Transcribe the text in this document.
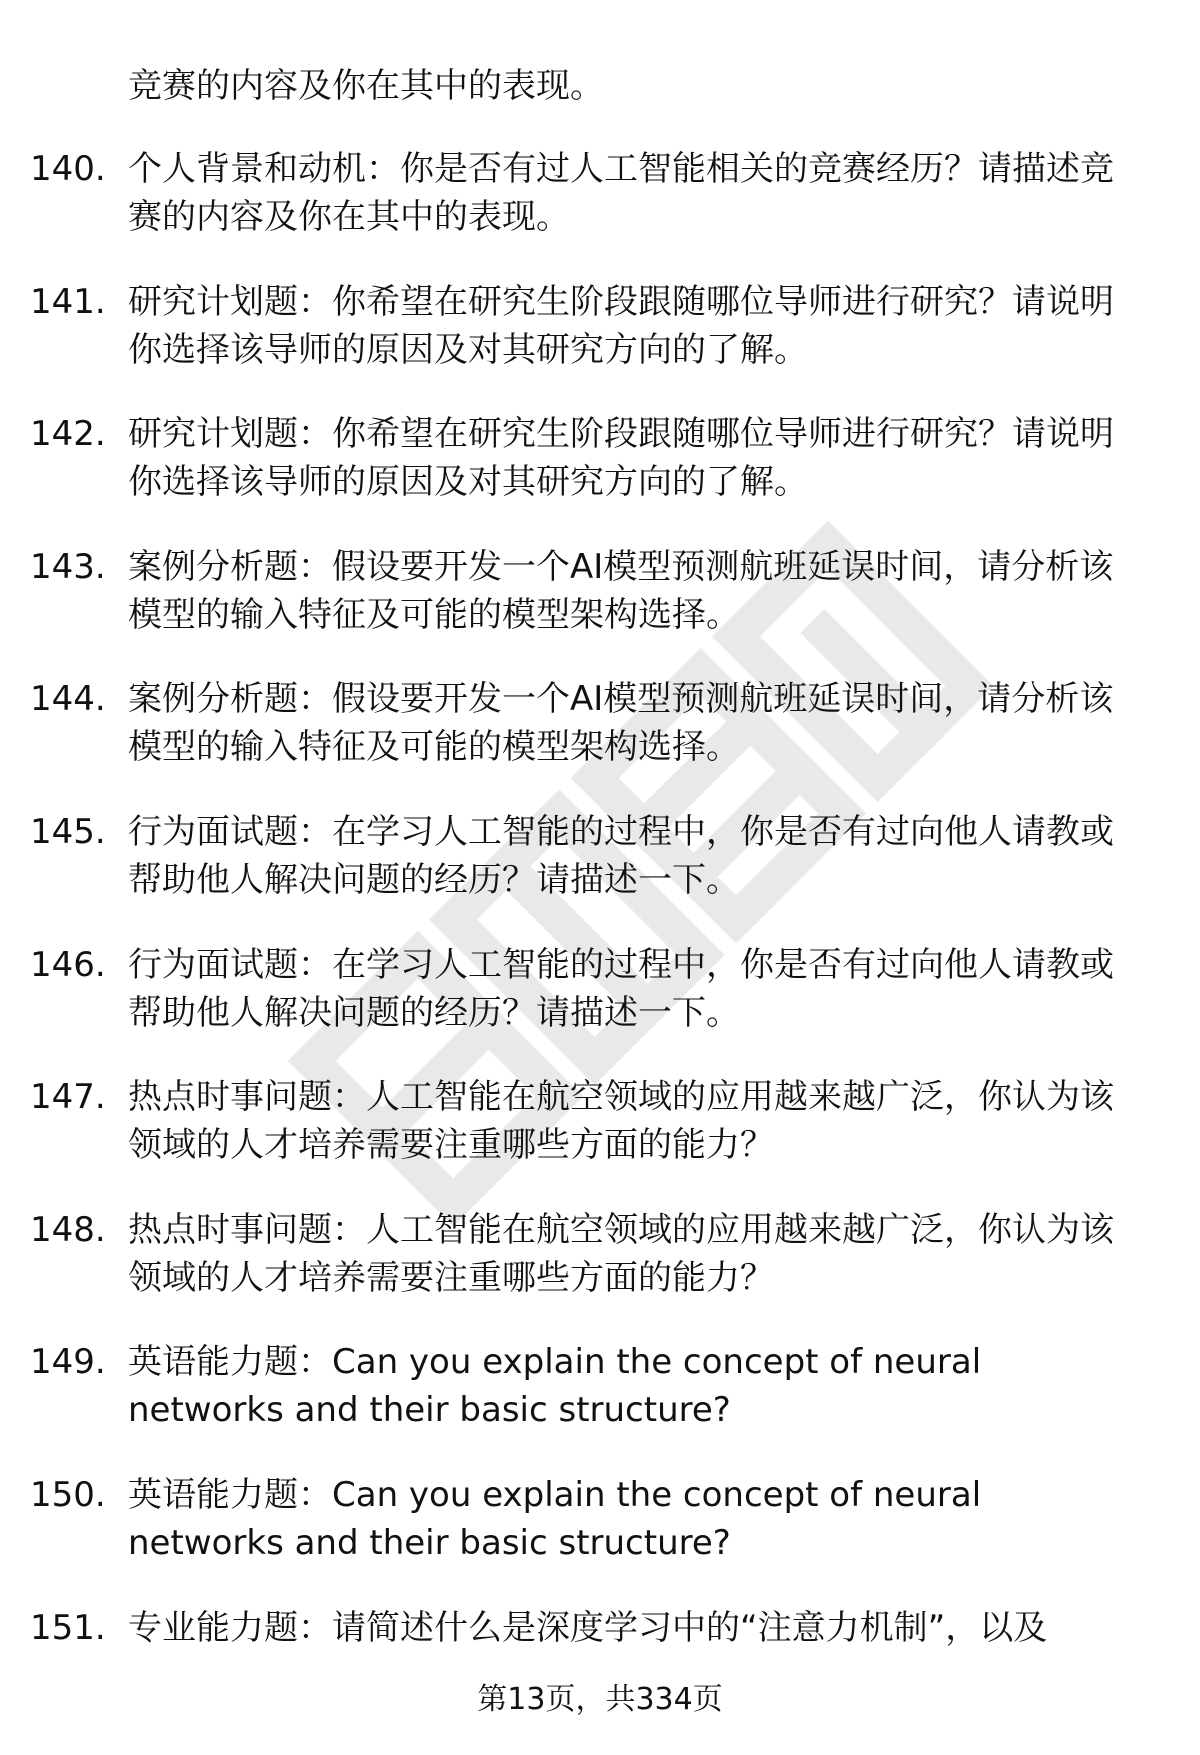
竞赛的内容及你在其中的表现。

140. 个人背景和动机：你是否有过人工智能相关的竞赛经历？请描述竞赛的内容及你在其中的表现。
141. 研究计划题：你希望在研究生阶段跟随哪位导师进行研究？请说明你选择该导师的原因及对其研究方向的了解。
142. 研究计划题：你希望在研究生阶段跟随哪位导师进行研究？请说明你选择该导师的原因及对其研究方向的了解。
143. 案例分析题：假设要开发一个AI模型预测航班延误时间，请分析该模型的输入特征及可能的模型架构选择。
144. 案例分析题：假设要开发一个AI模型预测航班延误时间，请分析该模型的输入特征及可能的模型架构选择。
145. 行为面试题：在学习人工智能的过程中，你是否有过向他人请教或帮助他人解决问题的经历？请描述一下。
146. 行为面试题：在学习人工智能的过程中，你是否有过向他人请教或帮助他人解决问题的经历？请描述一下。
147. 热点时事问题：人工智能在航空领域的应用越来越广泛，你认为该领域的人才培养需要注重哪些方面的能力？
148. 热点时事问题：人工智能在航空领域的应用越来越广泛，你认为该领域的人才培养需要注重哪些方面的能力？
149. 英语能力题：Can you explain the concept of neural networks and their basic structure?
150. 英语能力题：Can you explain the concept of neural networks and their basic structure?
151. 专业能力题：请简述什么是深度学习中的“注意力机制”，以及
第13页，共334页
